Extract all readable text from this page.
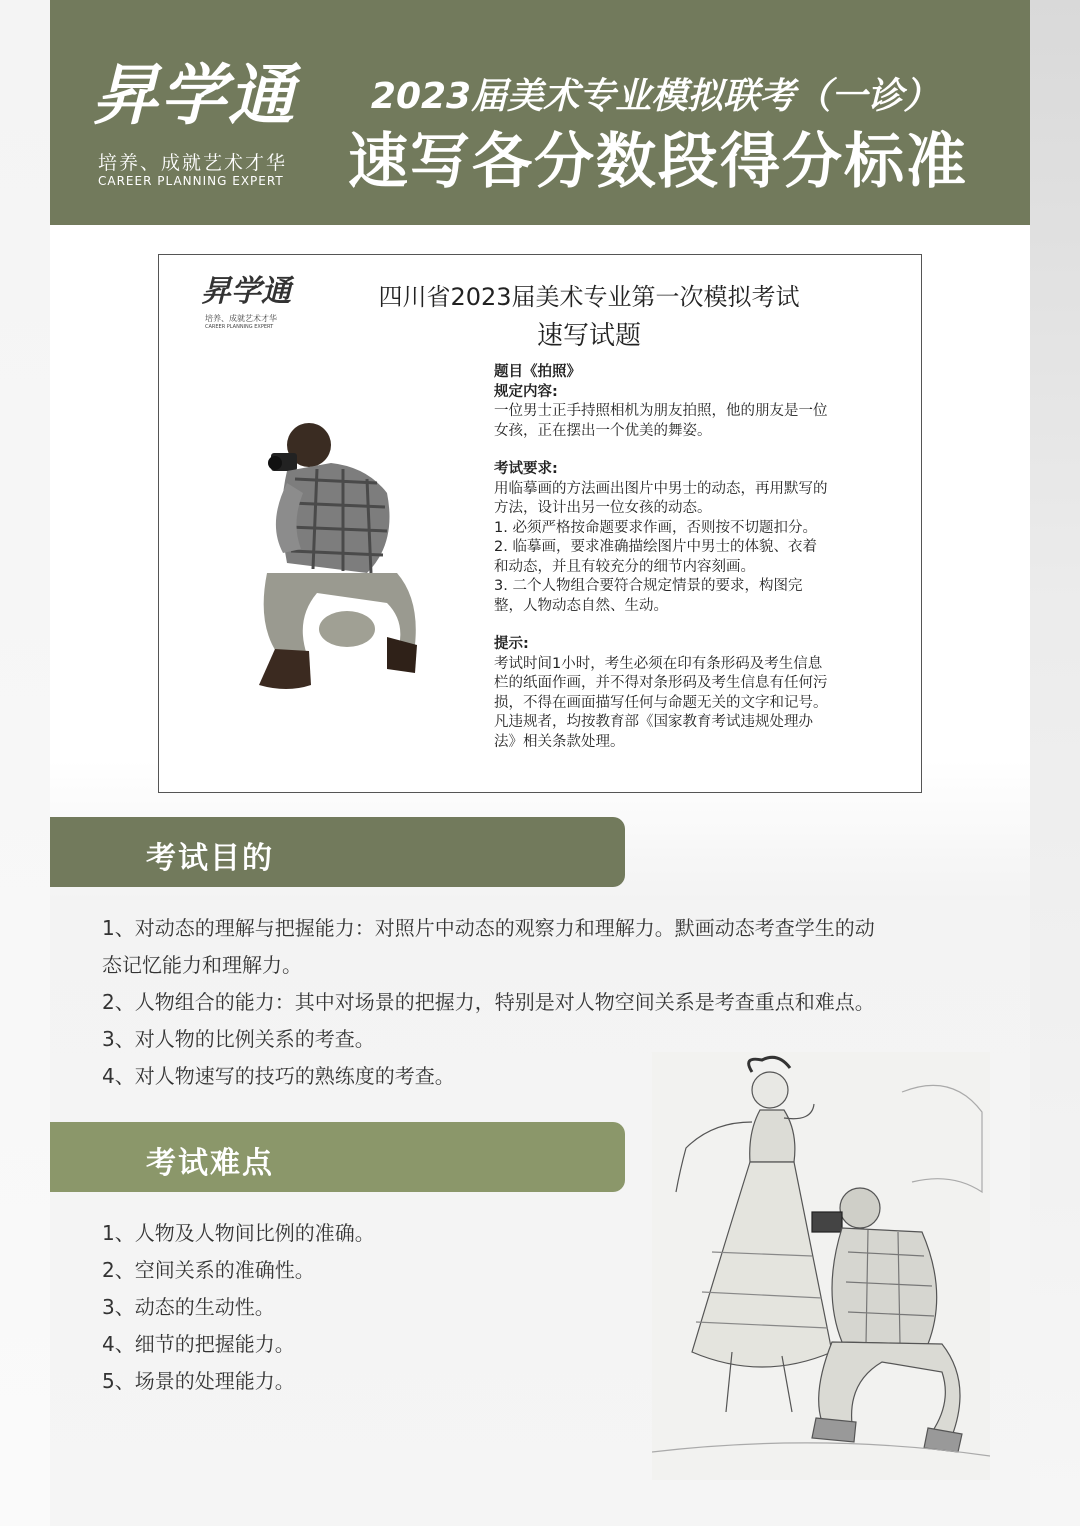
昇学通
培养、成就艺术才华
CAREER PLANNING EXPERT
2023届美术专业模拟联考（一诊）
速写各分数段得分标准
昇学通
培养、成就艺术才华
CAREER PLANNING EXPERT
四川省2023届美术专业第一次模拟考试
速写试题
题目《拍照》
规定内容:
一位男士正手持照相机为朋友拍照，他的朋友是一位
女孩，正在摆出一个优美的舞姿。
考试要求:
用临摹画的方法画出图片中男士的动态，再用默写的
方法，设计出另一位女孩的动态。
1. 必须严格按命题要求作画，否则按不切题扣分。
2. 临摹画，要求准确描绘图片中男士的体貌、衣着
和动态，并且有较充分的细节内容刻画。
3. 二个人物组合要符合规定情景的要求，构图完
整，人物动态自然、生动。
提示:
考试时间1小时，考生必须在印有条形码及考生信息
栏的纸面作画，并不得对条形码及考生信息有任何污
损，不得在画面描写任何与命题无关的文字和记号。
凡违规者，均按教育部《国家教育考试违规处理办
法》相关条款处理。
考试目的
1、对动态的理解与把握能力：对照片中动态的观察力和理解力。默画动态考查学生的动
态记忆能力和理解力。
2、人物组合的能力：其中对场景的把握力，特别是对人物空间关系是考查重点和难点。
3、对人物的比例关系的考查。
4、对人物速写的技巧的熟练度的考查。
考试难点
1、人物及人物间比例的准确。
2、空间关系的准确性。
3、动态的生动性。
4、细节的把握能力。
5、场景的处理能力。
